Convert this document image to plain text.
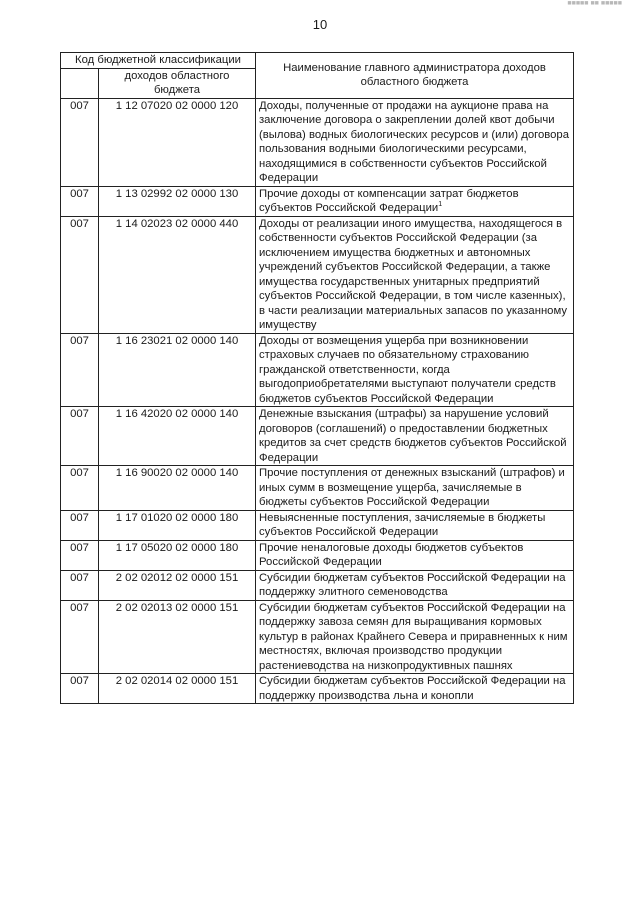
10
■■■■■ ■■ ■■■■■
Код бюджетной классификации		Наименование главного администратора доходов областного бюджета
	доходов областного бюджета	
007	1 12 07020 02 0000 120	Доходы, полученные от продажи на аукционе права на заключение договора о закреплении долей квот добычи (вылова) водных биологических ресурсов и (или) договора пользования водными биологическими ресурсами, находящимися в собственности субъектов Российской Федерации
007	1 13 02992 02 0000 130	Прочие доходы от компенсации затрат бюджетов субъектов Российской Федерации$^1$
007	1 14 02023 02 0000 440	Доходы от реализации иного имущества, находящегося в собственности субъектов Российской Федерации (за исключением имущества бюджетных и автономных учреждений субъектов Российской Федерации, а также имущества государственных унитарных предприятий субъектов Российской Федерации, в том числе казенных), в части реализации материальных запасов по указанному имуществу
007	1 16 23021 02 0000 140	Доходы от возмещения ущерба при возникновении страховых случаев по обязательному страхованию гражданской ответственности, когда выгодоприобретателями выступают получатели средств бюджетов субъектов Российской Федерации
007	1 16 42020 02 0000 140	Денежные взыскания (штрафы) за нарушение условий договоров (соглашений) о предоставлении бюджетных кредитов за счет средств бюджетов субъектов Российской Федерации
007	1 16 90020 02 0000 140	Прочие поступления от денежных взысканий (штрафов) и иных сумм в возмещение ущерба, зачисляемые в бюджеты субъектов Российской Федерации
007	1 17 01020 02 0000 180	Невыясненные поступления, зачисляемые в бюджеты субъектов Российской Федерации
007	1 17 05020 02 0000 180	Прочие неналоговые доходы бюджетов субъектов Российской Федерации
007	2 02 02012 02 0000 151	Субсидии бюджетам субъектов Российской Федерации на поддержку элитного семеноводства
007	2 02 02013 02 0000 151	Субсидии бюджетам субъектов Российской Федерации на поддержку завоза семян для выращивания кормовых культур в районах Крайнего Севера и приравненных к ним местностях, включая производство продукции растениеводства на низкопродуктивных пашнях
007	2 02 02014 02 0000 151	Субсидии бюджетам субъектов Российской Федерации на поддержку производства льна и конопли
